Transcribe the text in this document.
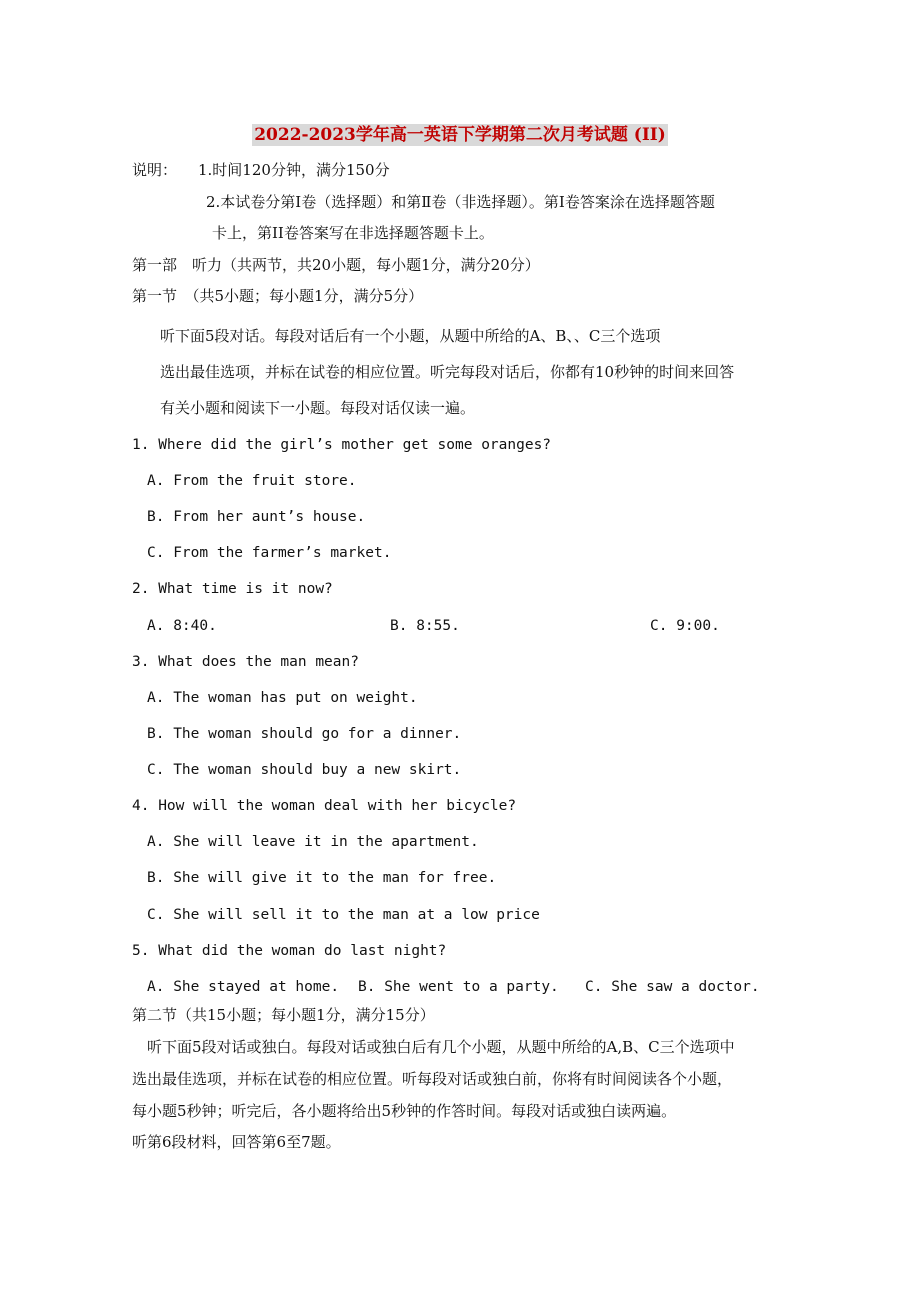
2022-2023学年高一英语下学期第二次月考试题 (II)
说明： 1.时间120分钟，满分150分
2.本试卷分第Ⅰ卷（选择题）和第Ⅱ卷（非选择题）。第Ⅰ卷答案涂在选择题答题
卡上，第II卷答案写在非选择题答题卡上。
第一部　听力（共两节，共20小题，每小题1分，满分20分）
第一节　（共5小题；每小题1分，满分5分）
听下面5段对话。每段对话后有一个小题，从题中所给的A、B、、C三个选项
选出最佳选项，并标在试卷的相应位置。听完每段对话后，你都有10秒钟的时间来回答
有关小题和阅读下一小题。每段对话仅读一遍。
1. Where did the girl’s mother get some oranges?
A. From the fruit store.
B. From her aunt’s house.
C. From the farmer’s market.
2. What time is it now?
A. 8:40.	B. 8:55.	C. 9:00.
3. What does the man mean?
A. The woman has put on weight.
B. The woman should go for a dinner.
C. The woman should buy a new skirt.
4. How will the woman deal with her bicycle?
A. She will leave it in the apartment.
B. She will give it to the man for free.
C. She will sell it to the man at a low price
5. What did the woman do last night?
A. She stayed at home. B. She went to a party. C. She saw a doctor.
第二节（共15小题；每小题1分，满分15分）
听下面5段对话或独白。每段对话或独白后有几个小题，从题中所给的A,B、C三个选项中
选出最佳选项，并标在试卷的相应位置。听每段对话或独白前，你将有时间阅读各个小题，
每小题5秒钟；听完后，各小题将给出5秒钟的作答时间。每段对话或独白读两遍。
听第6段材料，回答第6至7题。
